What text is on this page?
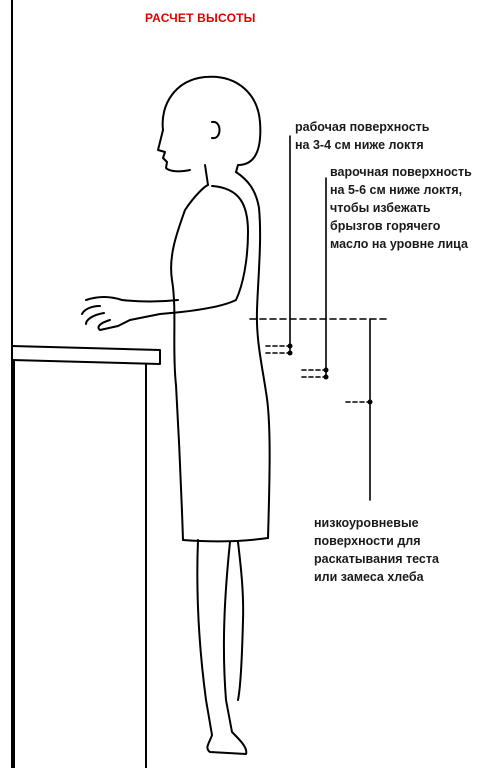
РАСЧЕТ ВЫСОТЫ
рабочая поверхность
на 3-4 см ниже локтя
варочная поверхность
на 5-6 см ниже локтя,
чтобы избежать
брызгов горячего
масло на уровне лица
низкоуровневые
поверхности для
раскатывания теста
или замеса хлеба
